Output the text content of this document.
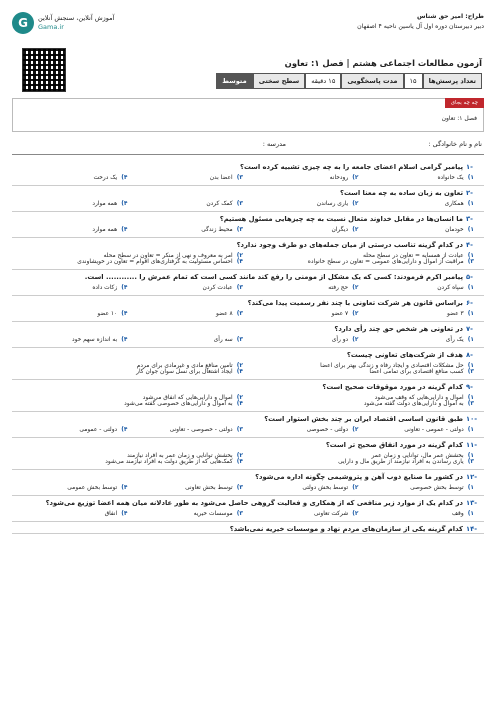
طراح: امیر حق شناس
دبیر دبیرستان دوره اول آل یاسین ناحیه ۴ اصفهان
G	آموزش آنلاین، سنجش آنلاین
Gama.ir
آزمون مطالعات اجتماعی هشتم | فصل ۱: تعاون
تعداد پرسش‌ها
۱۵
مدت پاسخگویی
۱۵ دقیقه
سطح سختی
متوسط
چه چه بجای
فصل ۱: تعاون
نام و نام خانوادگی :
مدرسه :
۱-
پیامبر گرامی اسلام اعضای جامعه را به چه چیزی تشبیه کرده است؟
۱)
یک خانواده
۲)
رودخانه
۳)
اعضا بدن
۴)
یک درخت
۲-
تعاون به زبان ساده به چه معنا است؟
۱)
همکاری
۲)
یاری رساندن
۳)
کمک کردن
۴)
همه موارد
۳-
ما انسان‌ها در مقابل خداوند متعال نسبت به چه چیزهایی مسئول هستیم؟
۱)
خودمان
۲)
دیگران
۳)
محیط زندگی
۴)
همه موارد
۴-
در کدام گزینه تناسب درستی از میان جمله‌های دو طرف وجود ندارد؟
۱)
عیادت از همسایه = تعاون در سطح محله
۲)
امر به معروف و نهی از منکر = تعاون در سطح محله
۳)
مراقبت از اموال و دارایی‌های عمومی = تعاون در سطح خانواده
۴)
احساس مسئولیت به گرفتاری‌های اقوام = تعاون در خویشاوندی
۵-
پیامبر اکرم فرمودند: کسی که یک مشکل از مومنی را رفع کند مانند کسی است که تمام عمرش را ............ است.
۱)
سپاه کردن
۲)
حج رفته
۳)
عبادت کردن
۴)
زکات داده
۶-
براساس قانون هر شرکت تعاونی با چند نفر رسمیت پیدا می‌کند؟
۱)
۳ عضو
۲)
۷ عضو
۳)
۸ عضو
۴)
۱۰ عضو
۷-
در تعاونی هر شخص حق چند رأی دارد؟
۱)
یک رأی
۲)
دو رأی
۳)
سه رأی
۴)
به اندازه سهم خود
۸-
هدف از شرکت‌های تعاونی چیست؟
۱)
حل مشکلات اقتصادی و ایجاد رفاه و زندگی بهتر برای اعضا
۲)
تامین منافع مادی و غیرمادی برای مردم
۳)
کسب منافع اقتصادی برای تمامی اعضا
۴)
ایجاد اشتغال برای نسل سوان جوان کار
۹-
کدام گزینه در مورد موقوفات صحیح است؟
۱)
اموال و دارایی‌هایی که وقف می‌شود
۲)
اموال و دارایی‌هایی که انفاق می‌شود
۳)
به اموال و دارایی‌های دولت گفته می‌شود
۴)
به اموال و دارایی‌های خصوصی گفته می‌شود
۱۰-
طبق قانون اساسی اقتصاد ایران بر چند بخش استوار است؟
۱)
دولتی - عمومی - تعاونی
۲)
دولتی - خصوصی
۳)
دولتی - خصوصی - تعاونی
۴)
دولتی - عمومی
۱۱-
کدام گزینه در مورد انفاق صحیح تر است؟
۱)
بخشش عمر مال، توانایی و زمان عمر
۲)
بخشش توانایی و زمان عمر به افراد نیازمند
۳)
یاری رساندن به افراد نیازمند از طریق مال و دارایی
۴)
کمک‌هایی که از طریق دولت به افراد نیازمند می‌شود
۱۲-
در کشور ما صنایع ذوب آهن و پتروشیمی چگونه اداره می‌شود؟
۱)
توسط بخش خصوصی
۲)
توسط بخش دولتی
۳)
توسط بخش تعاونی
۴)
توسط بخش عمومی
۱۳-
در کدام یک از موارد زیر منافعی که از همکاری و فعالیت گروهی حاصل می‌شود به طور عادلانه میان همه اعضا توزیع می‌شود؟
۱)
وقف
۲)
شرکت تعاونی
۳)
موسسات خیریه
۴)
انفاق
۱۴-
کدام گزینه یکی از سازمان‌های مردم نهاد و موسسات خیریه نمی‌باشد؟
